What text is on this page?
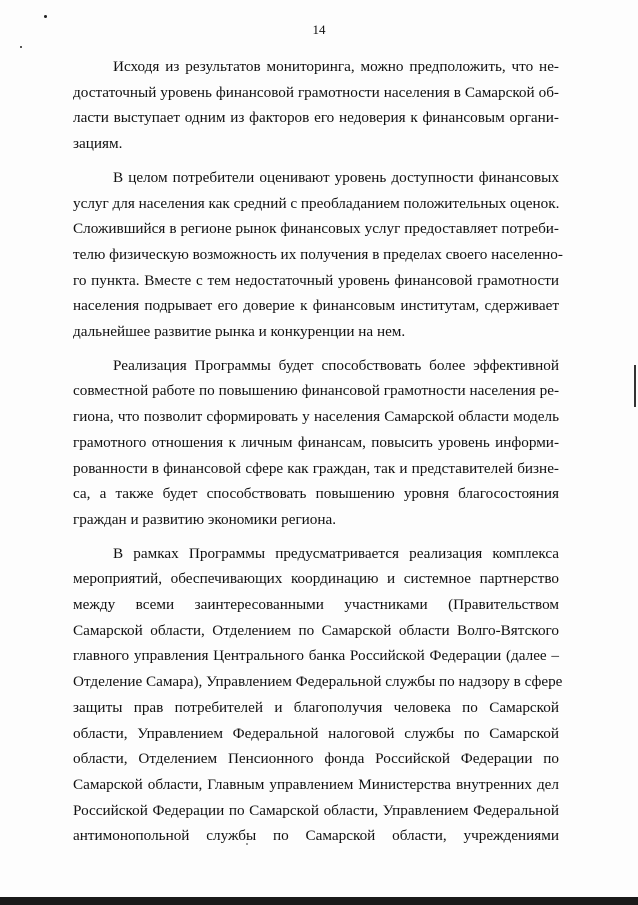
14
Исходя из результатов мониторинга, можно предположить, что не-
достаточный уровень финансовой грамотности населения в Самарской об-
ласти выступает одним из факторов его недоверия к финансовым органи-
зациям.
В целом потребители оценивают уровень доступности финансовых
услуг для населения как средний с преобладанием положительных оценок.
Сложившийся в регионе рынок финансовых услуг предоставляет потреби-
телю физическую возможность их получения в пределах своего населенно-
го пункта. Вместе с тем недостаточный уровень финансовой грамотности
населения подрывает его доверие к финансовым институтам, сдерживает
дальнейшее развитие рынка и конкуренции на нем.
Реализация Программы будет способствовать более эффективной
совместной работе по повышению финансовой грамотности населения ре-
гиона, что позволит сформировать у населения Самарской области модель
грамотного отношения к личным финансам, повысить уровень информи-
рованности в финансовой сфере как граждан, так и представителей бизне-
са, а также будет способствовать повышению уровня благосостояния
граждан и развитию экономики региона.
В рамках Программы предусматривается реализация комплекса
мероприятий, обеспечивающих координацию и системное партнерство
между всеми заинтересованными участниками (Правительством
Самарской области, Отделением по Самарской области Волго-Вятского
главного управления Центрального банка Российской Федерации (далее –
Отделение Самара), Управлением Федеральной службы по надзору в сфере
защиты прав потребителей и благополучия человека по Самарской
области, Управлением Федеральной налоговой службы по Самарской
области, Отделением Пенсионного фонда Российской Федерации по
Самарской области, Главным управлением Министерства внутренних дел
Российской Федерации по Самарской области, Управлением Федеральной
антимонопольной службы по Самарской области, учреждениями
